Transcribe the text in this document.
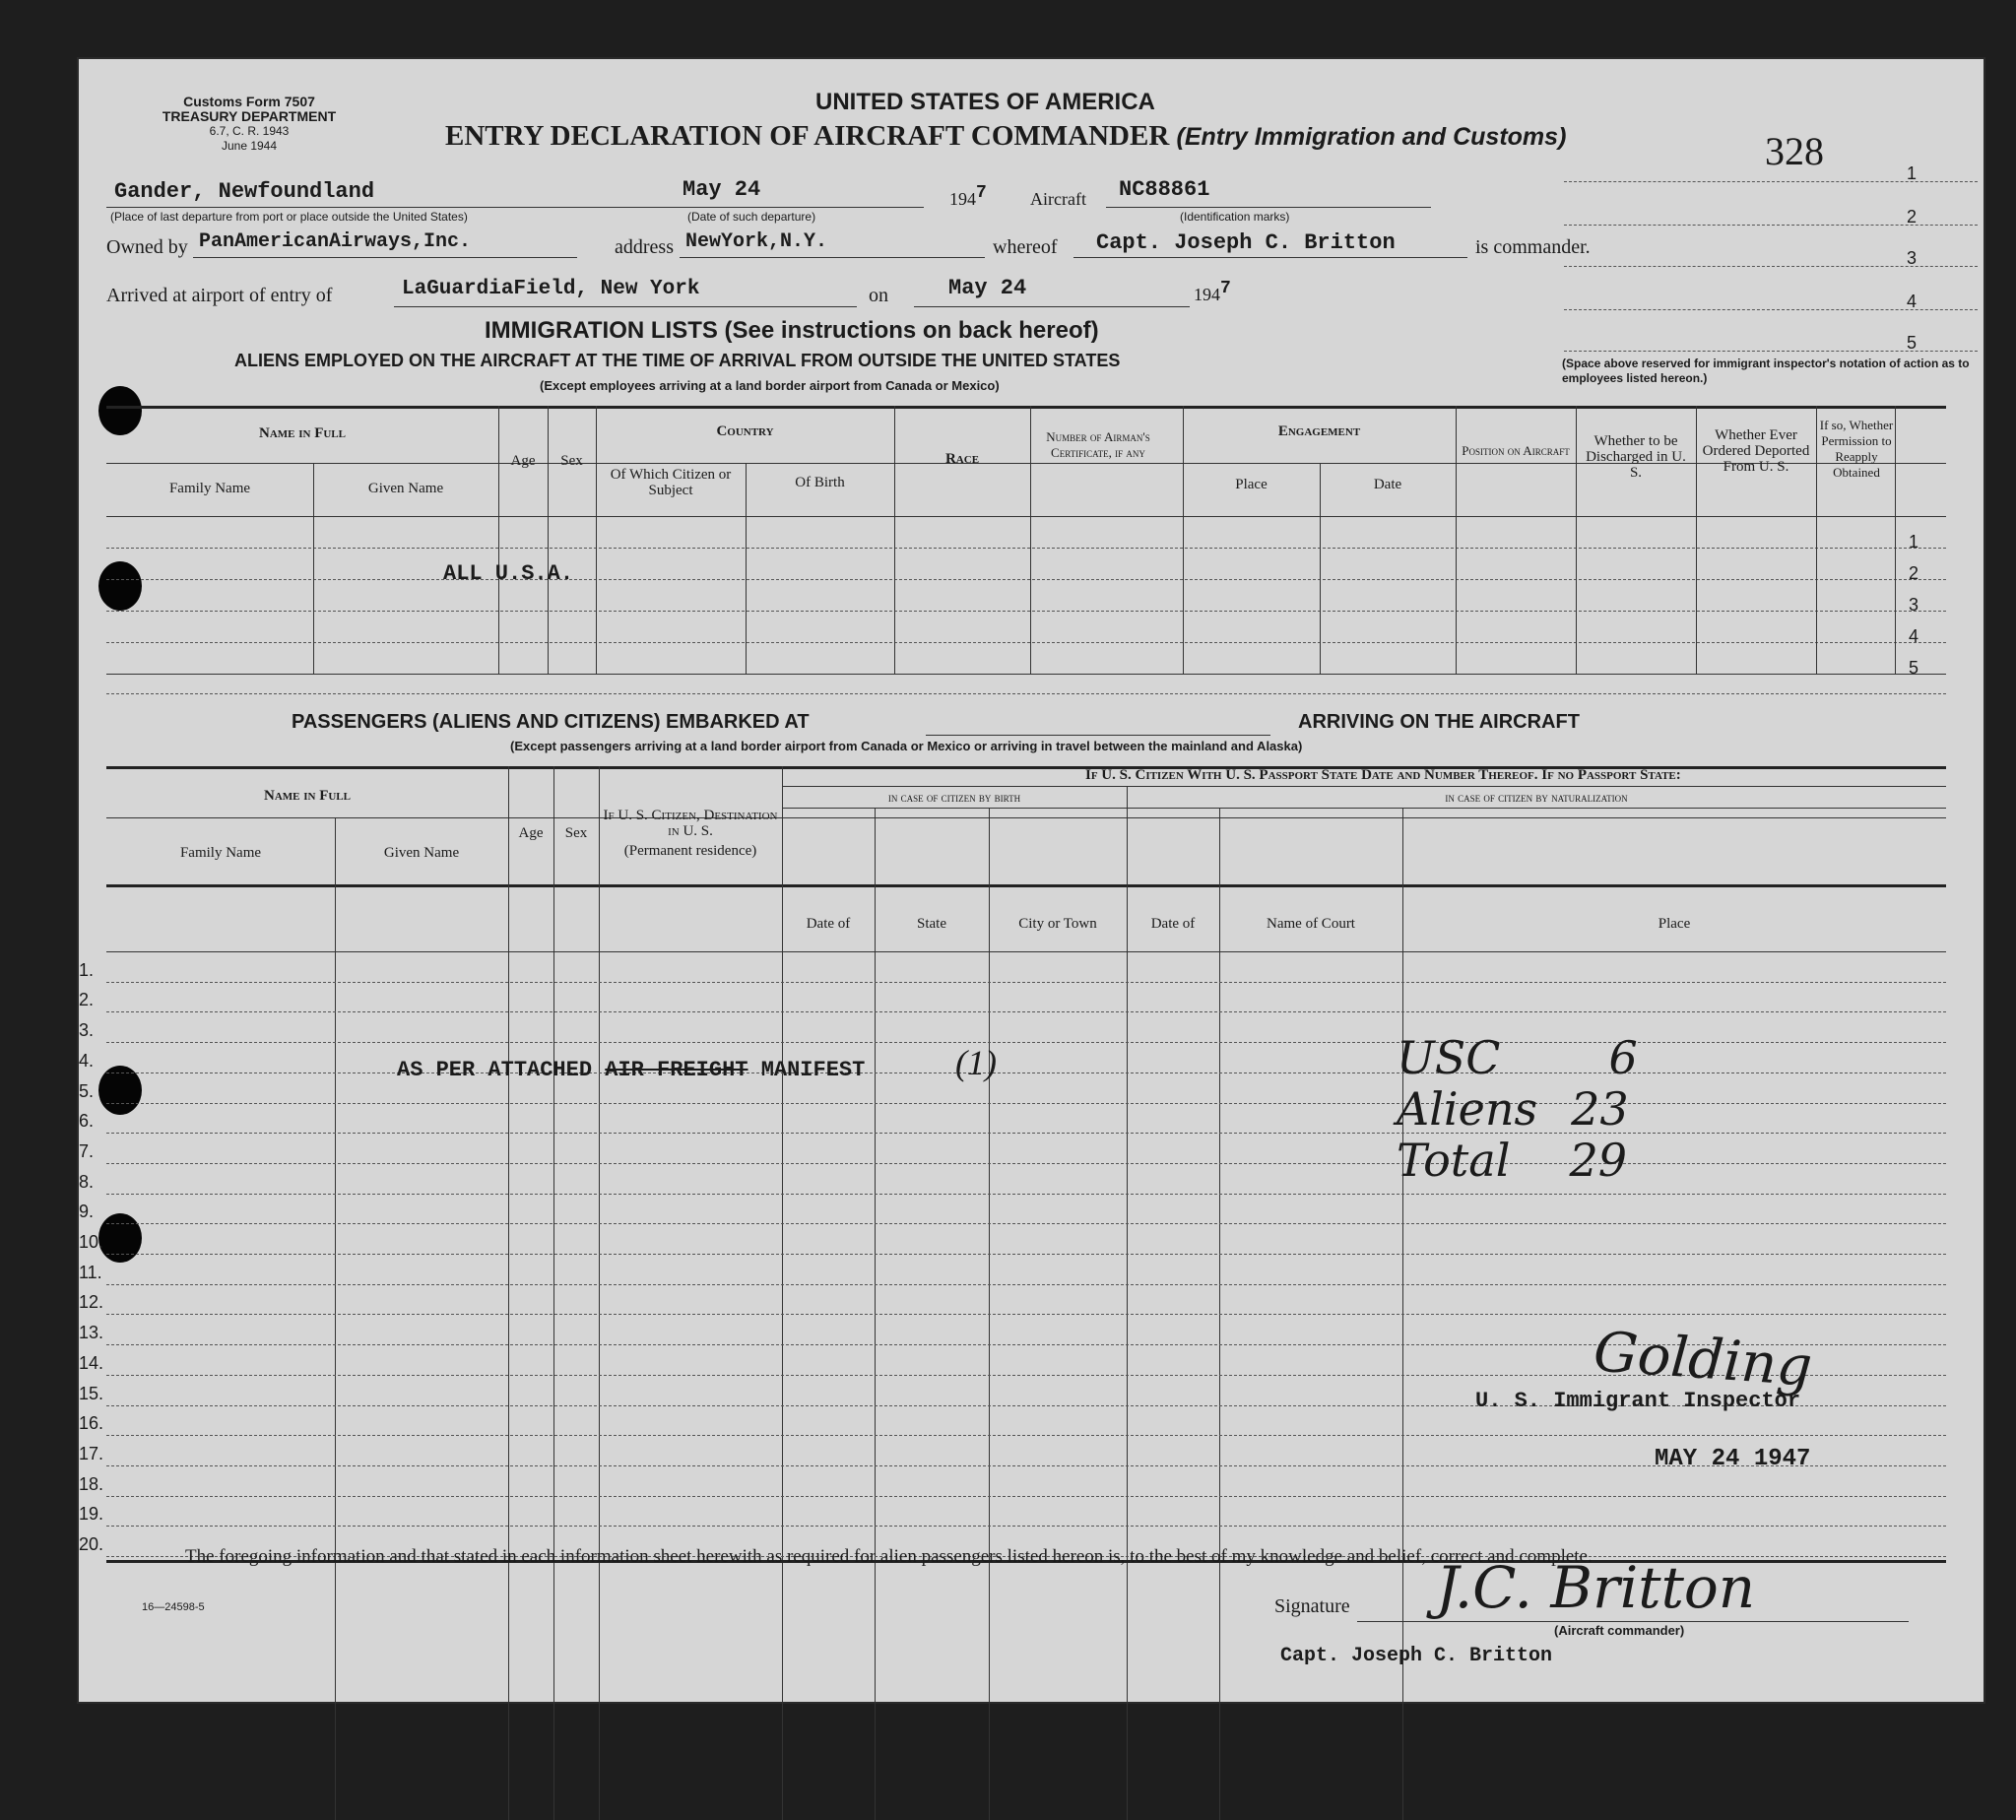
Customs Form 7507
TREASURY DEPARTMENT
6.7, C. R. 1943
June 1944
UNITED STATES OF AMERICA
ENTRY DECLARATION OF AIRCRAFT COMMANDER (Entry Immigration and Customs)	328
Gander, Newfoundland
(Place of last departure from port or place outside the United States)
May 24
(Date of such departure)
1947 Aircraft NC88861
(Identification marks)
Owned by PanAmericanAirways,Inc.	address NewYork,N.Y.	whereof Capt. Joseph C. Britton	is commander.
Arrived at airport of entry of	LaGuardiaField, New York	on	May 24	1947
1
2
3
4
5
(Space above reserved for immigrant inspector's notation of action as to employees listed hereon.)
IMMIGRATION LISTS (See instructions on back hereof)
ALIENS EMPLOYED ON THE AIRCRAFT AT THE TIME OF ARRIVAL FROM OUTSIDE THE UNITED STATES
(Except employees arriving at a land border airport from Canada or Mexico)
Name in Full
Family Name	Given Name
Age	Sex
Country
Of Which Citizen or Subject	Of Birth
Race
Number of Airman's Certificate, if any
Engagement
Place	Date
Position on Aircraft
Whether to be Discharged in U. S.
Whether Ever Ordered Deported From U. S.
If so, Whether Permission to Reapply Obtained
ALL U.S.A.
1
2
3
4
5
PASSENGERS (ALIENS AND CITIZENS) EMBARKED AT	ARRIVING ON THE AIRCRAFT
(Except passengers arriving at a land border airport from Canada or Mexico or arriving in travel between the mainland and Alaska)
Name in Full
Family Name	Given Name
Age	Sex
If U. S. Citizen, Destination in U. S.
(Permanent residence)
If U. S. Citizen With U. S. Passport State Date and Number Thereof. If no Passport State:
in case of citizen by birth	in case of citizen by naturalization
Date of	State	City or Town	Date of	Name of Court	Place
1.
2.
3.
4.
5.
6.
7.
8.
9.
10.
11.
12.
13.
14.
15.
16.
17.
18.
19.
20.
AS PER ATTACHED AIR FREIGHT MANIFEST	(1)	USC 6
Aliens 23
Total 29
Golding
U. S. Immigrant Inspector
MAY 24 1947
The foregoing information and that stated in each information sheet herewith as required for alien passengers listed hereon is, to the best of my knowledge and belief, correct and complete.
16—24598-5	Signature J.C. Britton
(Aircraft commander)
Capt. Joseph C. Britton
